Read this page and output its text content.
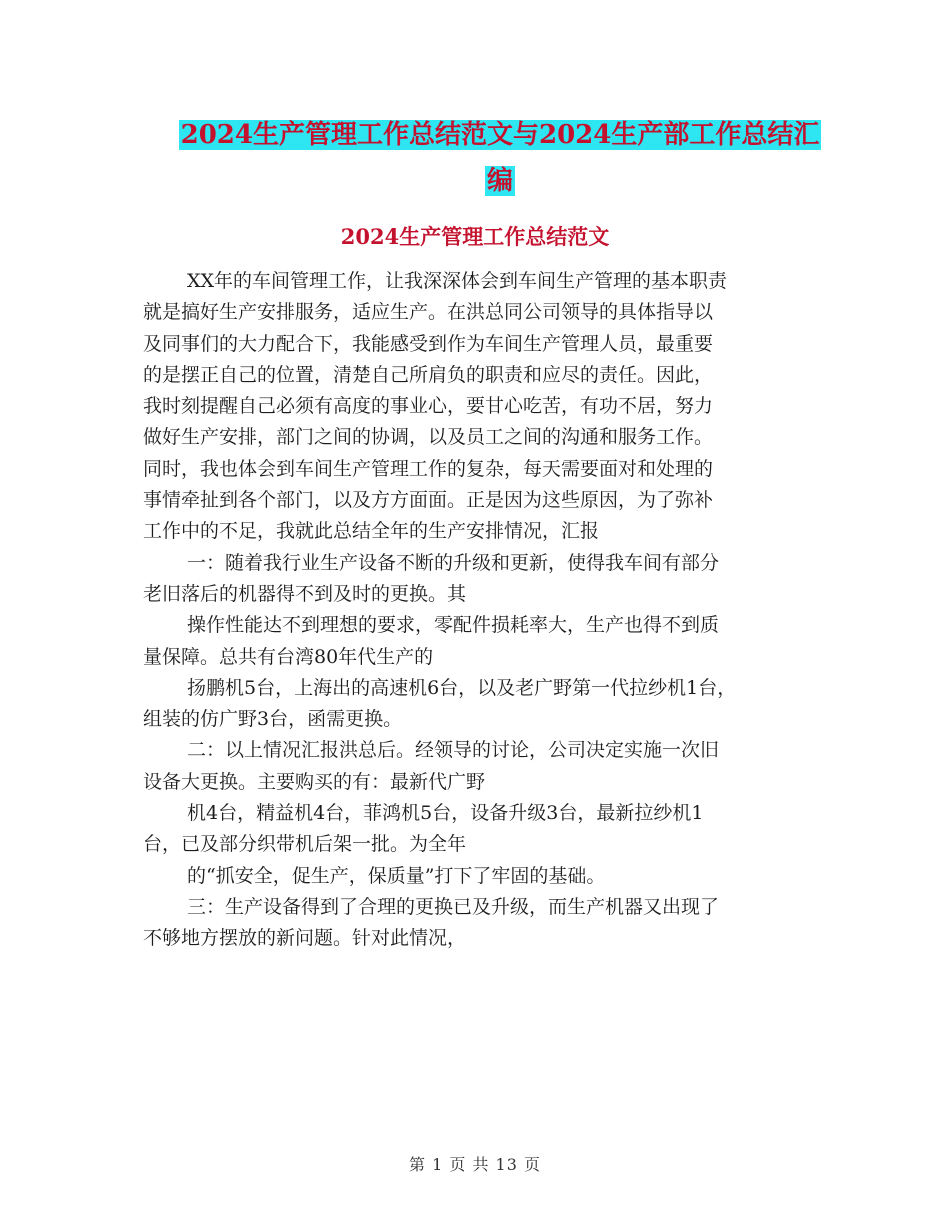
2024生产管理工作总结范文与2024生产部工作总结汇
编
2024生产管理工作总结范文
XX年的车间管理工作，让我深深体会到车间生产管理的基本职责
就是搞好生产安排服务，适应生产。在洪总同公司领导的具体指导以
及同事们的大力配合下，我能感受到作为车间生产管理人员，最重要
的是摆正自己的位置，清楚自己所肩负的职责和应尽的责任。因此，
我时刻提醒自己必须有高度的事业心，要甘心吃苦，有功不居，努力
做好生产安排，部门之间的协调，以及员工之间的沟通和服务工作。
同时，我也体会到车间生产管理工作的复杂，每天需要面对和处理的
事情牵扯到各个部门，以及方方面面。正是因为这些原因，为了弥补
工作中的不足，我就此总结全年的生产安排情况，汇报
一：随着我行业生产设备不断的升级和更新，使得我车间有部分
老旧落后的机器得不到及时的更换。其
操作性能达不到理想的要求，零配件损耗率大，生产也得不到质
量保障。总共有台湾80年代生产的
扬鹏机5台，上海出的高速机6台，以及老广野第一代拉纱机1台，
组装的仿广野3台，函需更换。
二：以上情况汇报洪总后。经领导的讨论，公司决定实施一次旧
设备大更换。主要购买的有：最新代广野
机4台，精益机4台，菲鸿机5台，设备升级3台，最新拉纱机1
台，已及部分织带机后架一批。为全年
的“抓安全，促生产，保质量”打下了牢固的基础。
三：生产设备得到了合理的更换已及升级，而生产机器又出现了
不够地方摆放的新问题。针对此情况，
第 1 页 共 13 页
